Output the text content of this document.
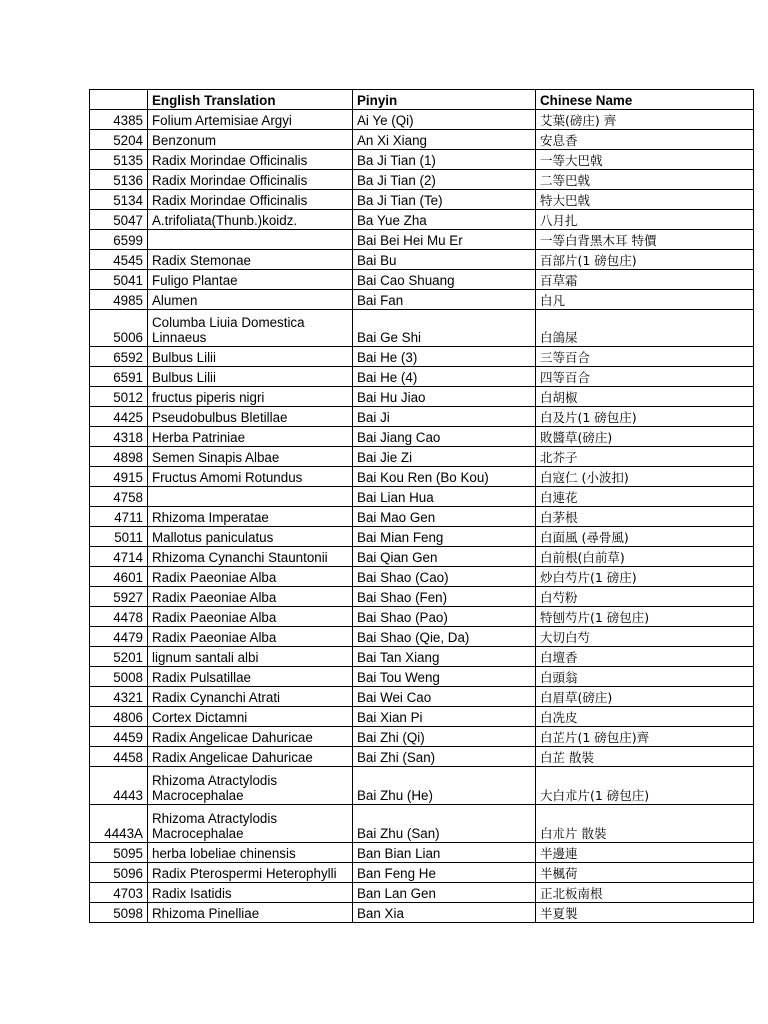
	English Translation	Pinyin	Chinese Name
4385	Folium Artemisiae Argyi	Ai Ye (Qi)	艾葉(磅庄) 齊
5204	Benzonum	An Xi Xiang	安息香
5135	Radix Morindae Officinalis	Ba Ji Tian (1)	一等大巴戟
5136	Radix Morindae Officinalis	Ba Ji Tian (2)	二等巴戟
5134	Radix Morindae Officinalis	Ba Ji Tian (Te)	特大巴戟
5047	A.trifoliata(Thunb.)koidz.	Ba Yue Zha	八月扎
6599		Bai Bei Hei Mu Er	一等白背黑木耳 特價
4545	Radix Stemonae	Bai Bu	百部片(1 磅包庄)
5041	Fuligo Plantae	Bai Cao Shuang	百草霜
4985	Alumen	Bai Fan	白凡
5006	Columba Liuia Domestica Linnaeus	Bai Ge Shi	白鴿屎
6592	Bulbus Lilii	Bai He (3)	三等百合
6591	Bulbus Lilii	Bai He (4)	四等百合
5012	fructus piperis nigri	Bai Hu Jiao	白胡椒
4425	Pseudobulbus Bletillae	Bai Ji	白及片(1 磅包庄)
4318	Herba Patriniae	Bai Jiang Cao	敗醬草(磅庄)
4898	Semen Sinapis Albae	Bai Jie Zi	北芥子
4915	Fructus Amomi Rotundus	Bai Kou Ren (Bo Kou)	白寇仁 (小波扣)
4758		Bai Lian Hua	白連花
4711	Rhizoma Imperatae	Bai Mao Gen	白茅根
5011	Mallotus paniculatus	Bai Mian Feng	白面風 (尋骨風)
4714	Rhizoma Cynanchi Stauntonii	Bai Qian Gen	白前根(白前草)
4601	Radix Paeoniae Alba	Bai Shao (Cao)	炒白芍片(1 磅庄)
5927	Radix Paeoniae Alba	Bai Shao (Fen)	白芍粉
4478	Radix Paeoniae Alba	Bai Shao (Pao)	特刨芍片(1 磅包庄)
4479	Radix Paeoniae Alba	Bai Shao (Qie, Da)	大切白芍
5201	lignum santali albi	Bai Tan Xiang	白壇香
5008	Radix Pulsatillae	Bai Tou Weng	白頭翁
4321	Radix Cynanchi Atrati	Bai Wei Cao	白眉草(磅庄)
4806	Cortex Dictamni	Bai Xian Pi	白冼皮
4459	Radix Angelicae Dahuricae	Bai Zhi (Qi)	白芷片(1 磅包庄)齊
4458	Radix Angelicae Dahuricae	Bai Zhi (San)	白芷 散裝
4443	Rhizoma Atractylodis Macrocephalae	Bai Zhu (He)	大白朮片(1 磅包庄)
4443A	Rhizoma Atractylodis Macrocephalae	Bai Zhu (San)	白朮片 散裝
5095	herba lobeliae chinensis	Ban Bian Lian	半邊連
5096	Radix Pterospermi Heterophylli	Ban Feng He	半楓荷
4703	Radix Isatidis	Ban Lan Gen	正北板南根
5098	Rhizoma Pinelliae	Ban Xia	半夏製
